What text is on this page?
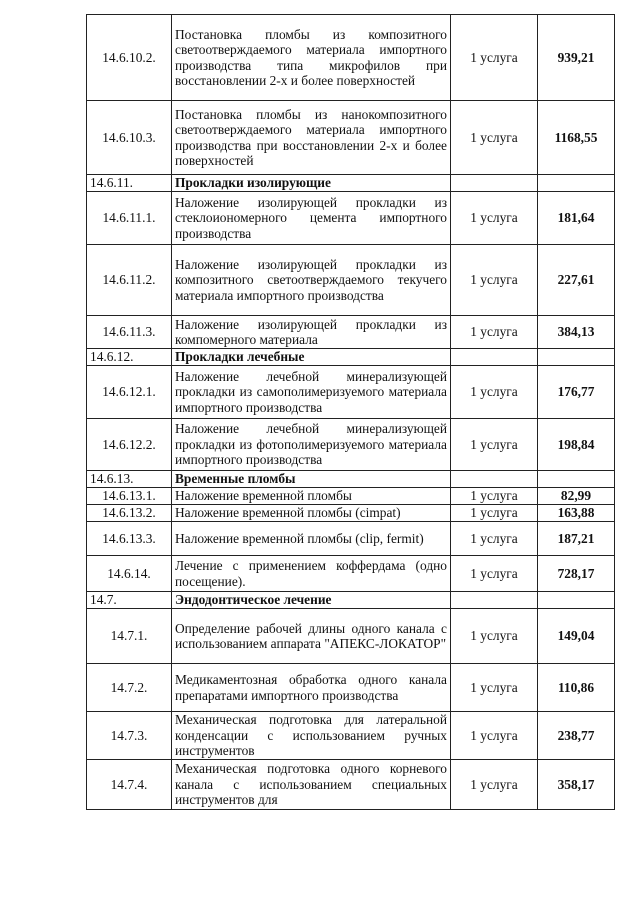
14.6.10.2.	Постановка пломбы из композитного светоотверждаемого материала импортного производства типа микрофилов при восстановлении 2-х и более поверхностей	1 услуга	939,21
14.6.10.3.	Постановка пломбы из нанокомпозитного светоотверждаемого материала импортного производства при восстановлении 2-х и более поверхностей	1 услуга	1168,55
14.6.11.	Прокладки изолирующие		
14.6.11.1.	Наложение изолирующей прокладки из стеклоиономерного цемента импортного производства	1 услуга	181,64
14.6.11.2.	Наложение изолирующей прокладки из композитного светоотверждаемого текучего материала импортного производства	1 услуга	227,61
14.6.11.3.	Наложение изолирующей прокладки из компомерного материала	1 услуга	384,13
14.6.12.	Прокладки лечебные		
14.6.12.1.	Наложение лечебной минерализующей прокладки из самополимеризуемого материала импортного производства	1 услуга	176,77
14.6.12.2.	Наложение лечебной минерализующей прокладки из фотополимеризуемого материала импортного производства	1 услуга	198,84
14.6.13.	Временные пломбы		
14.6.13.1.	Наложение временной пломбы	1 услуга	82,99
14.6.13.2.	Наложение временной пломбы (cimpat)	1 услуга	163,88
14.6.13.3.	Наложение временной пломбы (clip, fermit)	1 услуга	187,21
14.6.14.	Лечение с применением коффердама (одно посещение).	1 услуга	728,17
14.7.	Эндодонтическое лечение		
14.7.1.	Определение рабочей длины одного канала с использованием аппарата "АПЕКС-ЛОКАТОР"	1 услуга	149,04
14.7.2.	Медикаментозная обработка одного канала препаратами импортного производства	1 услуга	110,86
14.7.3.	Механическая подготовка для латеральной конденсации с использованием ручных инструментов	1 услуга	238,77
14.7.4.	Механическая подготовка одного корневого канала с использованием специальных инструментов для	1 услуга	358,17
